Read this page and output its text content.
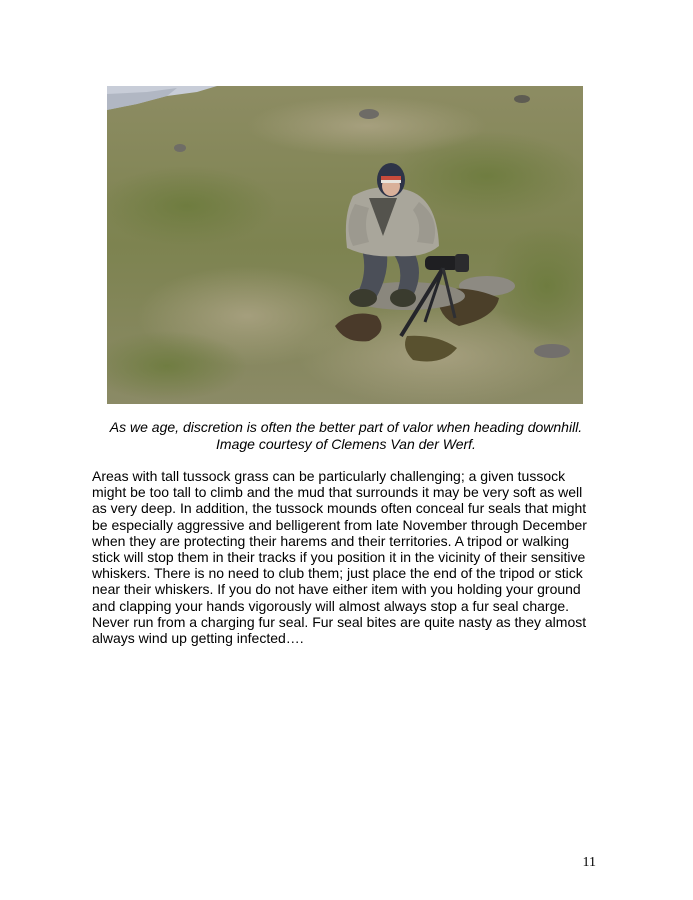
As we age, discretion is often the better part of valor when heading downhill.
Image courtesy of Clemens Van der Werf.
Areas with tall tussock grass can be particularly challenging; a given tussock
might be too tall to climb and the mud that surrounds it may be very soft as well
as very deep. In addition, the tussock mounds often conceal fur seals that might
be especially aggressive and belligerent from late November through December
when they are protecting their harems and their territories. A tripod or walking
stick will stop them in their tracks if you position it in the vicinity of their sensitive
whiskers. There is no need to club them; just place the end of the tripod or stick
near their whiskers. If you do not have either item with you holding your ground
and clapping your hands vigorously will almost always stop a fur seal charge.
Never run from a charging fur seal. Fur seal bites are quite nasty as they almost
always wind up getting infected….
11
